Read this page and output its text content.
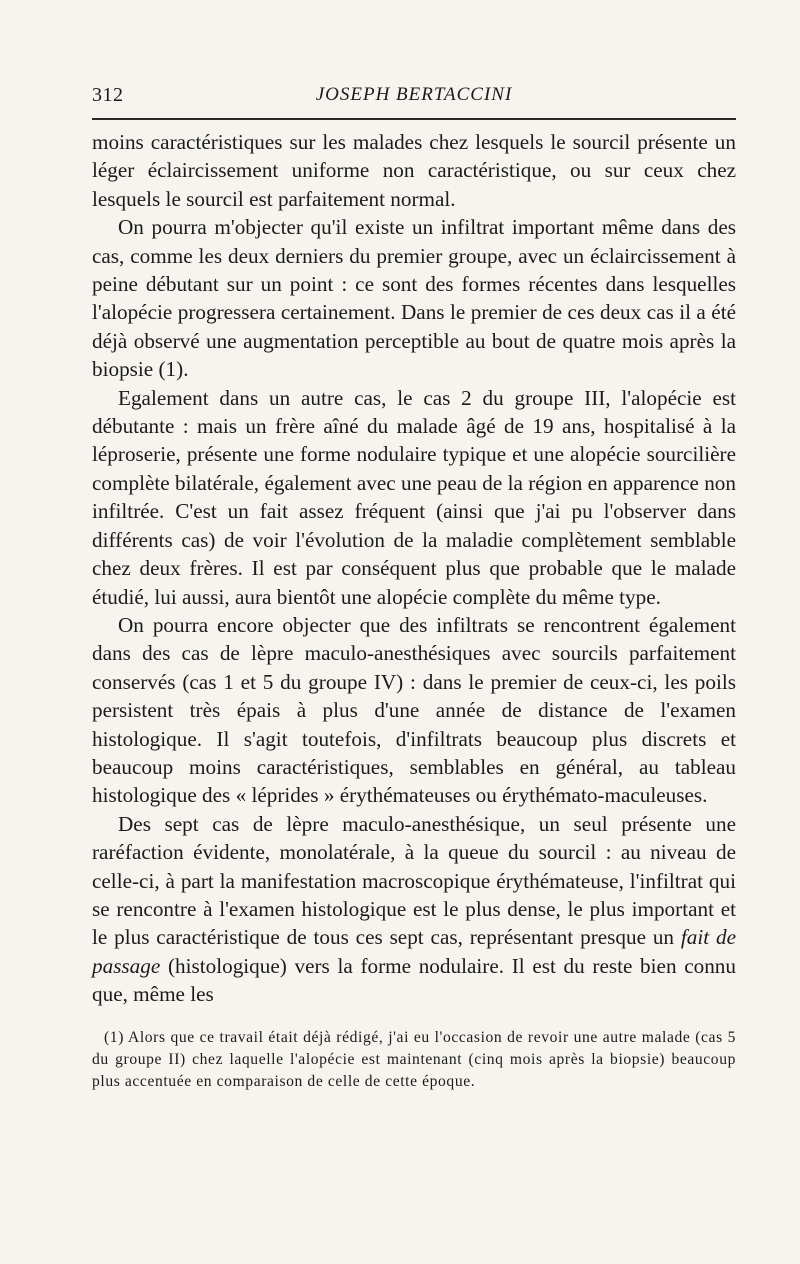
312	JOSEPH BERTACCINI

moins caractéristiques sur les malades chez lesquels le sourcil présente un léger éclaircissement uniforme non caractéristique, ou sur ceux chez lesquels le sourcil est parfaitement normal.

On pourra m'objecter qu'il existe un infiltrat important même dans des cas, comme les deux derniers du premier groupe, avec un éclaircissement à peine débutant sur un point : ce sont des formes récentes dans lesquelles l'alopécie progressera certainement. Dans le premier de ces deux cas il a été déjà observé une augmentation perceptible au bout de quatre mois après la biopsie (1).

Egalement dans un autre cas, le cas 2 du groupe III, l'alopécie est débutante : mais un frère aîné du malade âgé de 19 ans, hospitalisé à la léproserie, présente une forme nodulaire typique et une alopécie sourcilière complète bilatérale, également avec une peau de la région en apparence non infiltrée. C'est un fait assez fréquent (ainsi que j'ai pu l'observer dans différents cas) de voir l'évolution de la maladie complètement semblable chez deux frères. Il est par conséquent plus que probable que le malade étudié, lui aussi, aura bientôt une alopécie complète du même type.

On pourra encore objecter que des infiltrats se rencontrent également dans des cas de lèpre maculo-anesthésiques avec sourcils parfaitement conservés (cas 1 et 5 du groupe IV) : dans le premier de ceux-ci, les poils persistent très épais à plus d'une année de distance de l'examen histologique. Il s'agit toutefois, d'infiltrats beaucoup plus discrets et beaucoup moins caractéristiques, semblables en général, au tableau histologique des « léprides » érythémateuses ou érythémato-maculeuses.

Des sept cas de lèpre maculo-anesthésique, un seul présente une raréfaction évidente, monolatérale, à la queue du sourcil : au niveau de celle-ci, à part la manifestation macroscopique érythémateuse, l'infiltrat qui se rencontre à l'examen histologique est le plus dense, le plus important et le plus caractéristique de tous ces sept cas, représentant presque un fait de passage (histologique) vers la forme nodulaire. Il est du reste bien connu que, même les

(1) Alors que ce travail était déjà rédigé, j'ai eu l'occasion de revoir une autre malade (cas 5 du groupe II) chez laquelle l'alopécie est maintenant (cinq mois après la biopsie) beaucoup plus accentuée en comparaison de celle de cette époque.
